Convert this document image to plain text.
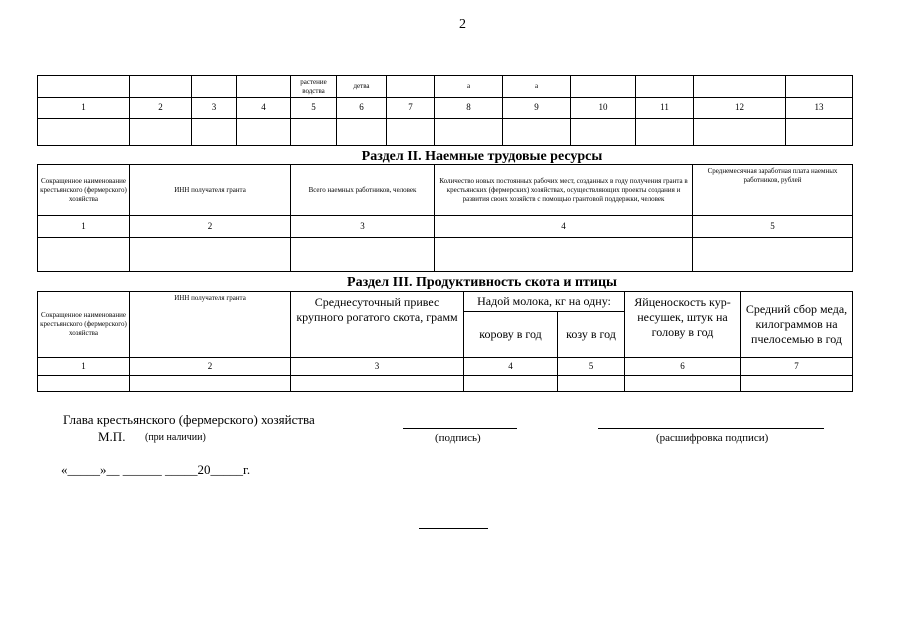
2
				растение водства	детва		а	а				
1	2	3	4	5	6	7	8	9	10	11	12	13

Раздел II. Наемные трудовые ресурсы
Сокращенное наименование крестьянского (фермерского) хозяйства	ИНН получателя гранта	Всего наемных работников, человек	Количество новых постоянных рабочих мест, созданных в году получения гранта в крестьянских (фермерских) хозяйствах, осуществляющих проекты создания и развития своих хозяйств с помощью грантовой поддержки, человек	Среднемесячная заработная плата наемных работников, рублей
1	2	3	4	5

Раздел III. Продуктивность скота и птицы
Сокращенное наименование крестьянского (фермерского) хозяйства	ИНН получателя гранта	Среднесуточный привес крупного рогатого скота, грамм	Надой молока, кг на одну:		Яйценоскость кур-несушек, штук на голову в год	Средний сбор меда, килограммов на пчелосемью в год
			корову в год	козу в год		
1	2	3	4	5	6	7

Глава крестьянского (фермерского) хозяйства
М.П. (при наличии)	(подпись)	(расшифровка подписи)
«_____»__ ______ _____20_____г.
